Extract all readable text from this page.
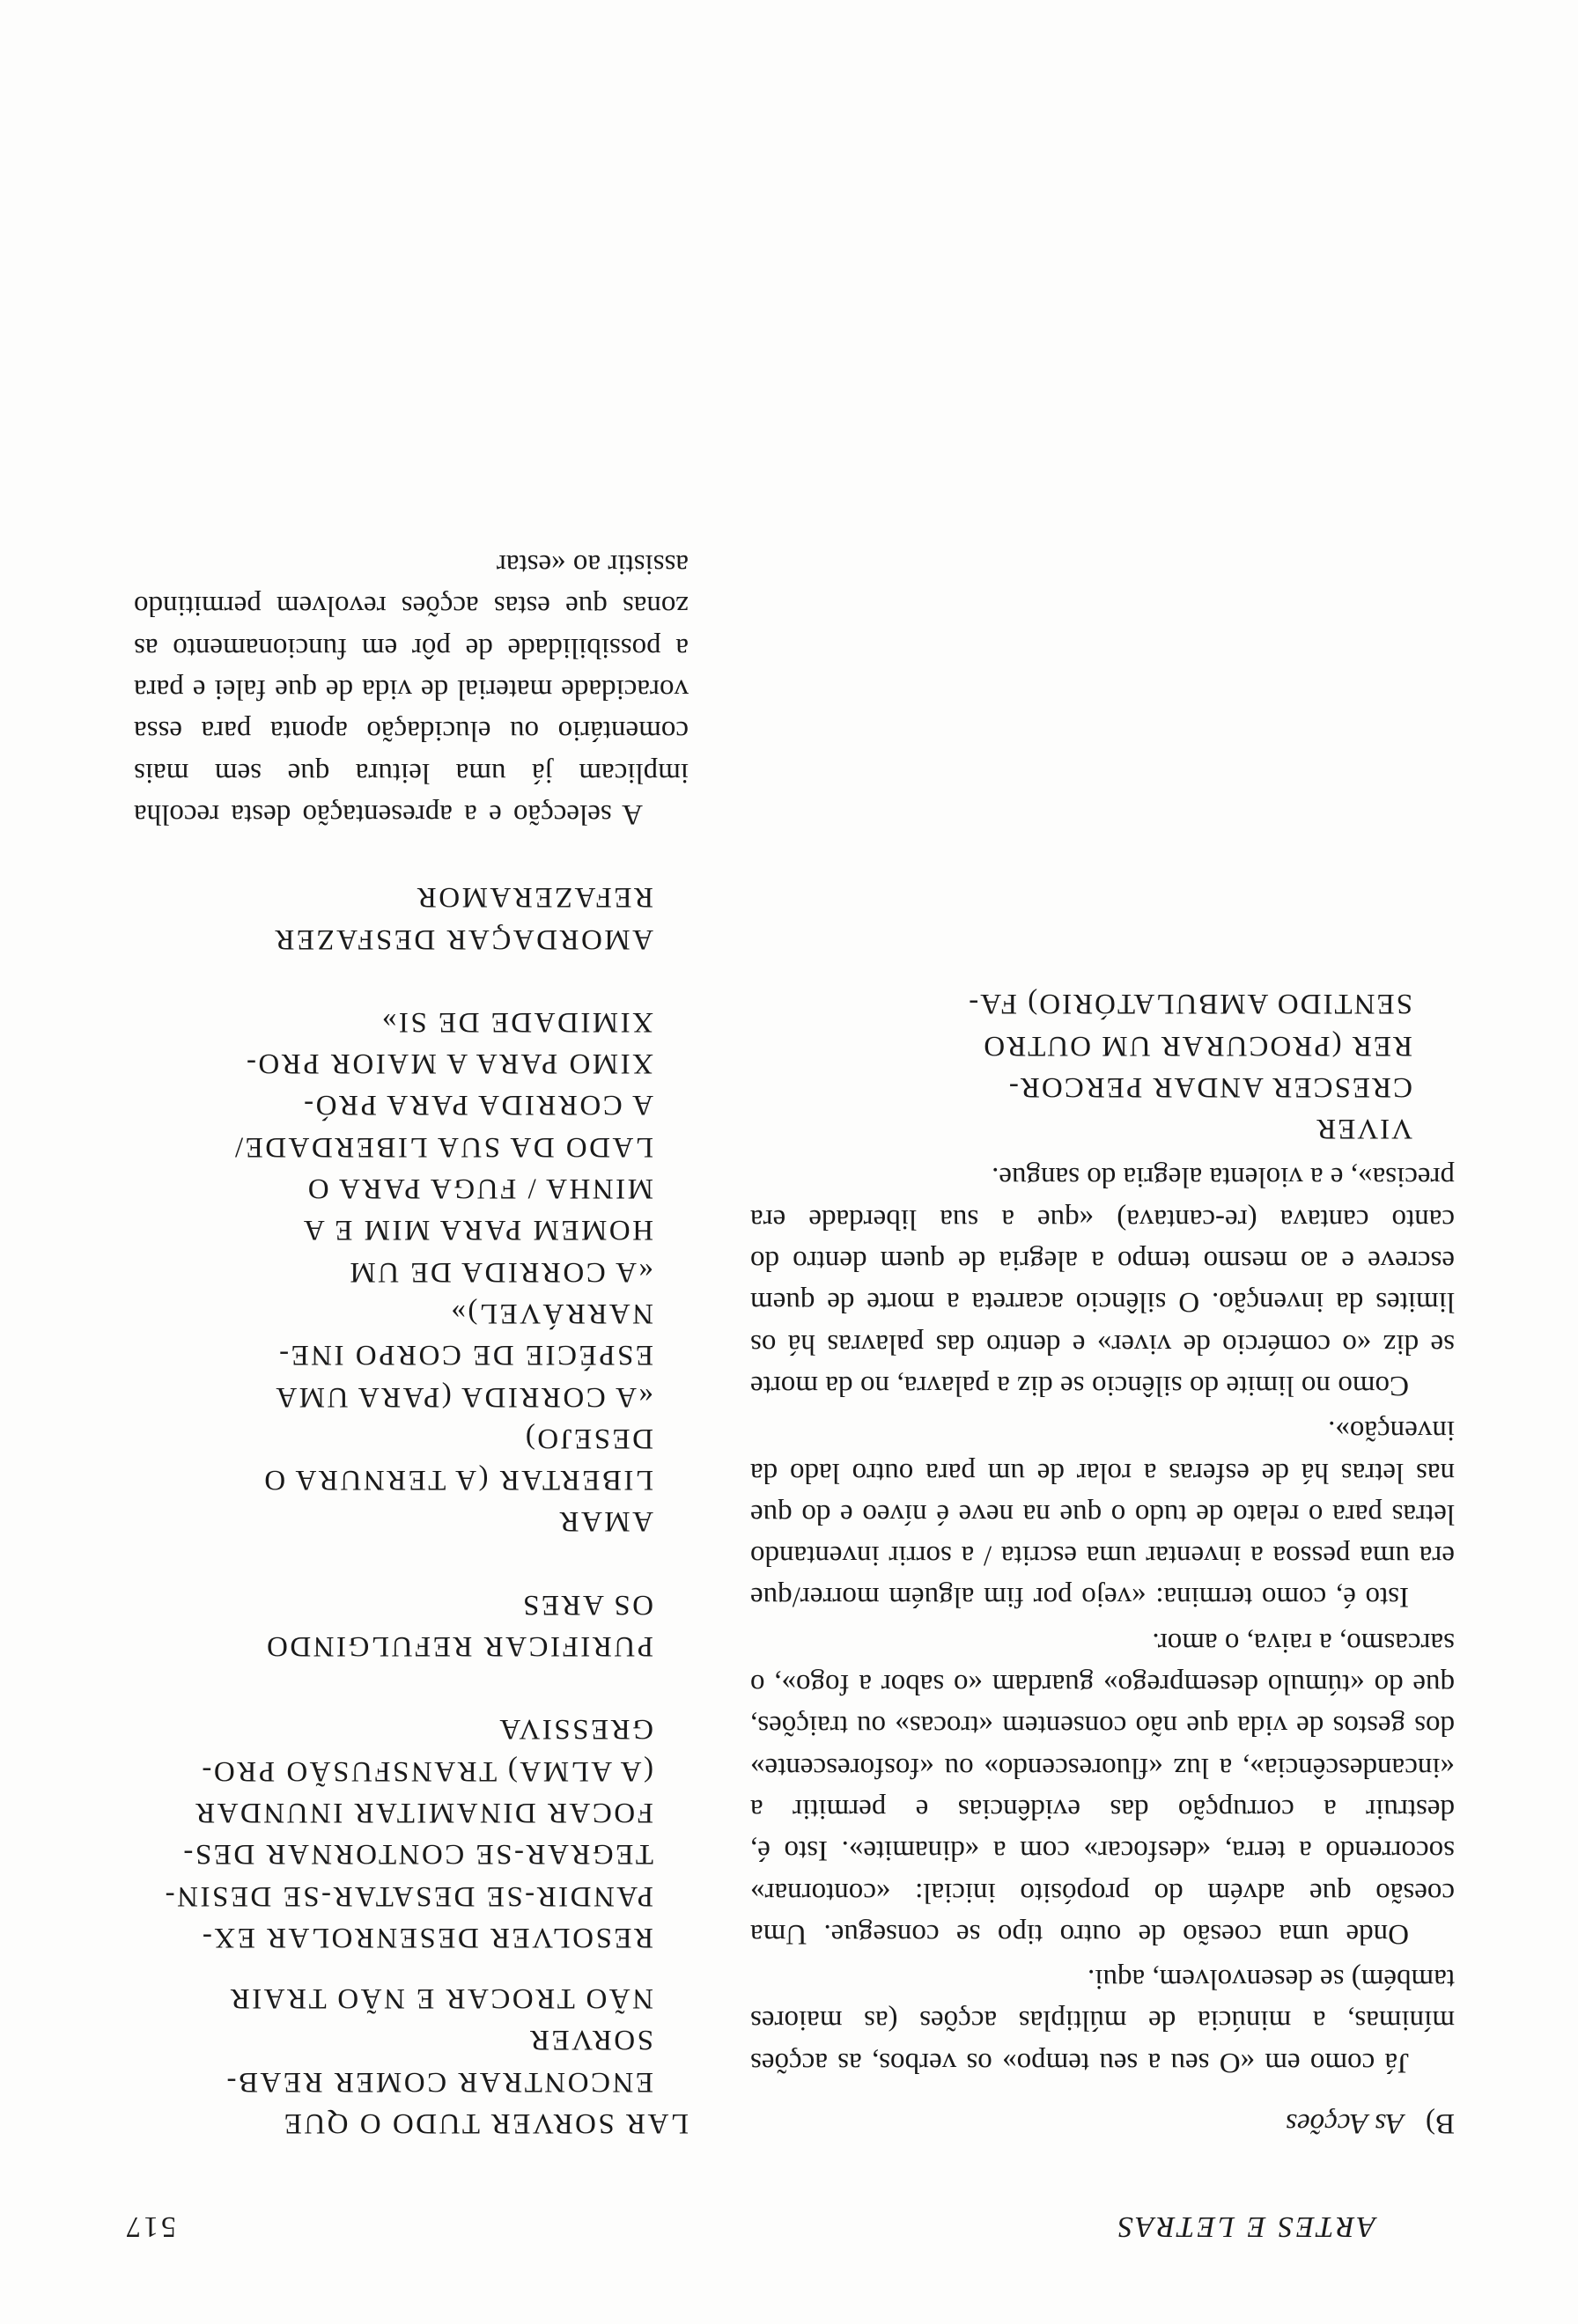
ARTES E LETRAS
517
B)   As Acções

Já como em «O seu a seu tempo» os verbos, as acções mínimas, a minúcia de múltiplas acções (as maiores também) se desenvolvem, aqui.

Onde uma coesão de outro tipo se consegue. Uma coesão que advém do propósito inicial: «contornar» socorrendo a terra, «desfocar» com a «dinamite». Isto é, destruir a corrupção das evidências e permitir a «incandescência», a luz «fluorescendo» ou «fosforescente» dos gestos de vida que não consentem «trocas» ou traições, que do «túmulo desemprego» guardam «o sabor a fogo», o sarcasmo, a raiva, o amor.

Isto é, como termina: «vejo por fim alguém morrer/que era uma pessoa a inventar uma escrita / a sorrir inventando letras para o relato de tudo o que na neve é níveo e do que nas letras há de esferas a rolar de um para outro lado da invenção».

Como no limite do silêncio se diz a palavra, no da morte se diz «o comércio de viver» e dentro das palavras há os limites da invenção. O silêncio acarreta a morte de quem escreve e ao mesmo tempo a alegria de quem dentro do canto cantava (re-cantava) «que a sua liberdade era precisa», e a violenta alegria do sangue.

VIVER
CRESCER ANDAR PERCOR-
RER (PROCURAR UM OUTRO
SENTIDO AMBULATÓRIO) FA-
LAR SORVER TUDO O QUE
ENCONTRAR COMER REAB-
SORVER
NÃO TROCAR E NÃO TRAIR
RESOLVER DESENROLAR EX-
PANDIR-SE DESATAR-SE DESIN-
TEGRAR-SE CONTORNAR DES-
FOCAR DINAMITAR INUNDAR
(A ALMA) TRANSFUSÃO PRO-
GRESSIVA
PURIFICAR REFULGINDO
OS ARES
AMAR
LIBERTAR (A TERNURA O
DESEJO)
«A CORRIDA (PARA UMA
ESPÉCIE DE CORPO INE-
NARRÁVEL)»
«A CORRIDA DE UM
HOMEM PARA MIM E A
MINHA / FUGA PARA O
LADO DA SUA LIBERDADE/
A CORRIDA PARA PRÓ-
XIMO PARA A MAIOR PRO-
XIMIDADE DE SI»
AMORDAÇAR DESFAZER
REFAZERAMOR

A selecção e a apresentação desta recolha implicam já uma leitura que sem mais comentário ou elucidação aponta para essa voracidade material de vida de que falei e para a possibilidade de pôr em funcionamento as zonas que estas acções revolvem permitindo assistir ao «estar
